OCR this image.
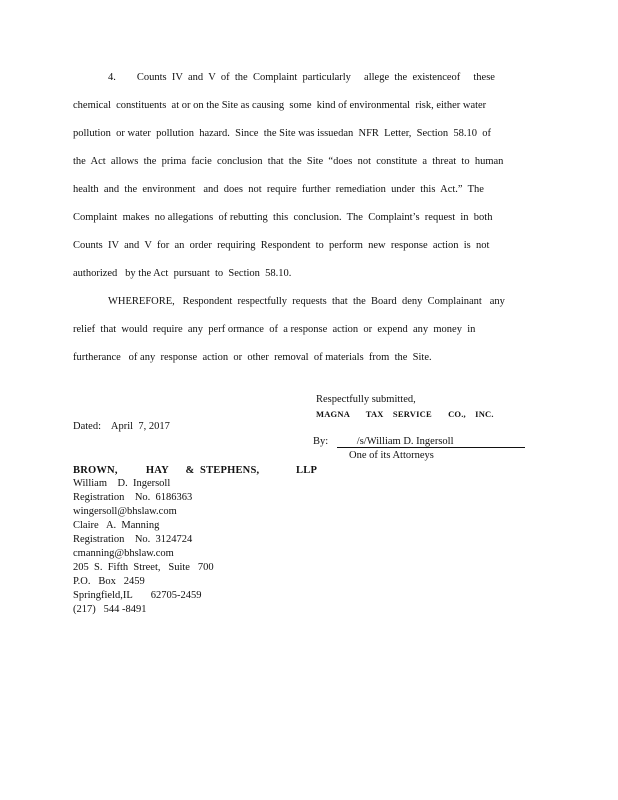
4.        Counts  IV  and  V  of  the  Complaint  particularly     allege  the  existenceof     these
chemical  constituents  at or on the Site as causing  some  kind of environmental  risk, either water
pollution  or water  pollution  hazard.  Since  the Site was issuedan  NFR  Letter,  Section  58.10  of
the  Act  allows  the  prima  facie  conclusion  that  the  Site  “does  not  constitute  a  threat  to  human
health  and  the  environment   and  does  not  require  further  remediation  under  this  Act.”  The
Complaint  makes  no allegations  of rebutting  this  conclusion.  The  Complaint’s  request  in  both
Counts  IV  and  V  for  an  order  requiring  Respondent  to  perform  new  response  action  is  not
authorized   by the Act  pursuant  to  Section  58.10.
WHEREFORE,   Respondent  respectfully  requests  that  the  Board  deny  Complainant   any
relief  that  would  require  any  perf ormance  of  a response  action  or  expend  any  money  in
furtherance   of any  response  action  or  other  removal  of materials  from  the  Site.
Respectfully submitted,
MAGNA       TAX    SERVICE       CO.,    INC.
By:	/s/William D. Ingersoll
One of its Attorneys
Dated:    April  7, 2017
BROWN,          HAY      &  STEPHENS,             LLP
William    D.  Ingersoll
Registration    No.  6186363
wingersoll@bhslaw.com
Claire   A.  Manning
Registration    No.  3124724
cmanning@bhslaw.com
205  S.  Fifth  Street,   Suite   700
P.O.   Box   2459
Springfield,IL       62705-2459
(217)   544 -8491
